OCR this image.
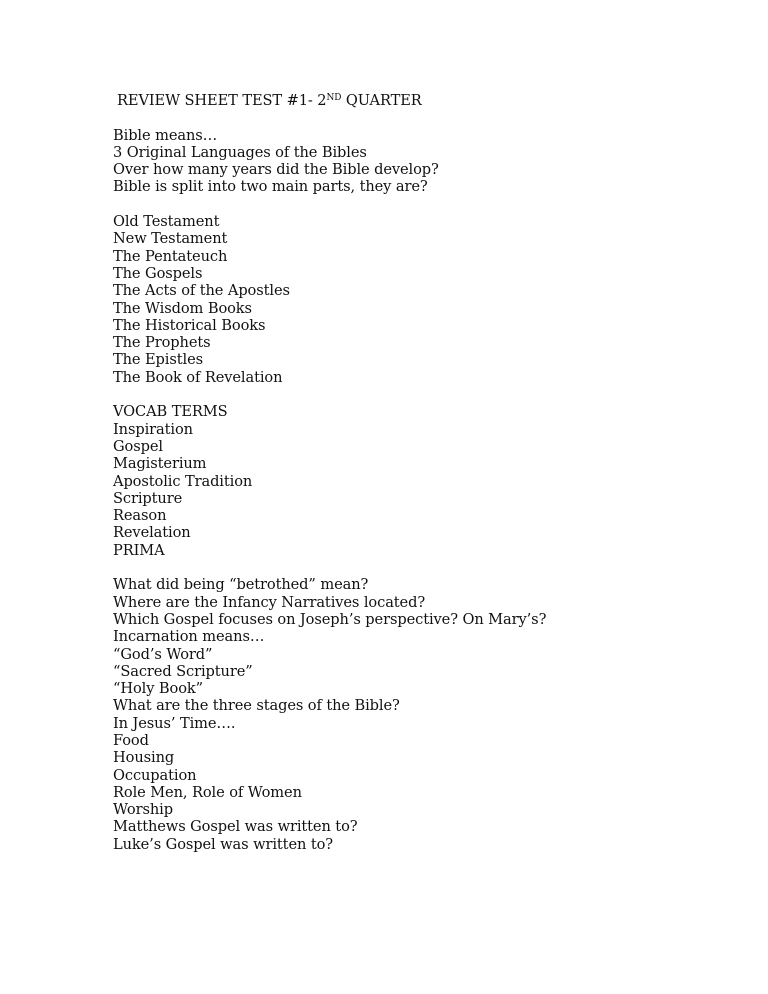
REVIEW SHEET TEST #1- 2ND QUARTER
Bible means…
3 Original Languages of the Bibles
Over how many years did the Bible develop?
Bible is split into two main parts, they are?
Old Testament
New Testament
The Pentateuch
The Gospels
The Acts of the Apostles
The Wisdom Books
The Historical Books
The Prophets
The Epistles
The Book of Revelation
VOCAB TERMS
Inspiration
Gospel
Magisterium
Apostolic Tradition
Scripture
Reason
Revelation
PRIMA
What did being “betrothed” mean?
Where are the Infancy Narratives located?
Which Gospel focuses on Joseph’s perspective? On Mary’s?
Incarnation means…
“God’s Word”
“Sacred Scripture”
“Holy Book”
What are the three stages of the Bible?
In Jesus’ Time….
Food
Housing
Occupation
Role Men, Role of Women
Worship
Matthews Gospel was written to?
Luke’s Gospel was written to?
